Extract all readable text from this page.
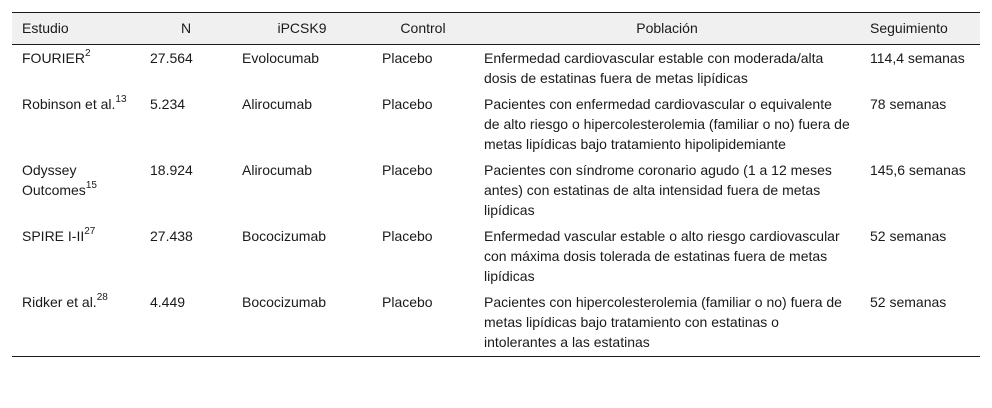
Estudio	N	iPCSK9	Control	Población	Seguimiento
FOURIER$^2$	27.564	Evolocumab	Placebo	Enfermedad cardiovascular estable con moderada/alta dosis de estatinas fuera de metas lipídicas	114,4 semanas
Robinson et al.$^{13}$	5.234	Alirocumab	Placebo	Pacientes con enfermedad cardiovascular o equivalente de alto riesgo o hipercolesterolemia (familiar o no) fuera de metas lipídicas bajo tratamiento hipolipidemiante	78 semanas
Odyssey Outcomes$^{15}$	18.924	Alirocumab	Placebo	Pacientes con síndrome coronario agudo (1 a 12 meses antes) con estatinas de alta intensidad fuera de metas lipídicas	145,6 semanas
SPIRE I-II$^{27}$	27.438	Bococizumab	Placebo	Enfermedad vascular estable o alto riesgo cardiovascular con máxima dosis tolerada de estatinas fuera de metas lipídicas	52 semanas
Ridker et al.$^{28}$	4.449	Bococizumab	Placebo	Pacientes con hipercolesterolemia (familiar o no) fuera de metas lipídicas bajo tratamiento con estatinas o intolerantes a las estatinas	52 semanas
